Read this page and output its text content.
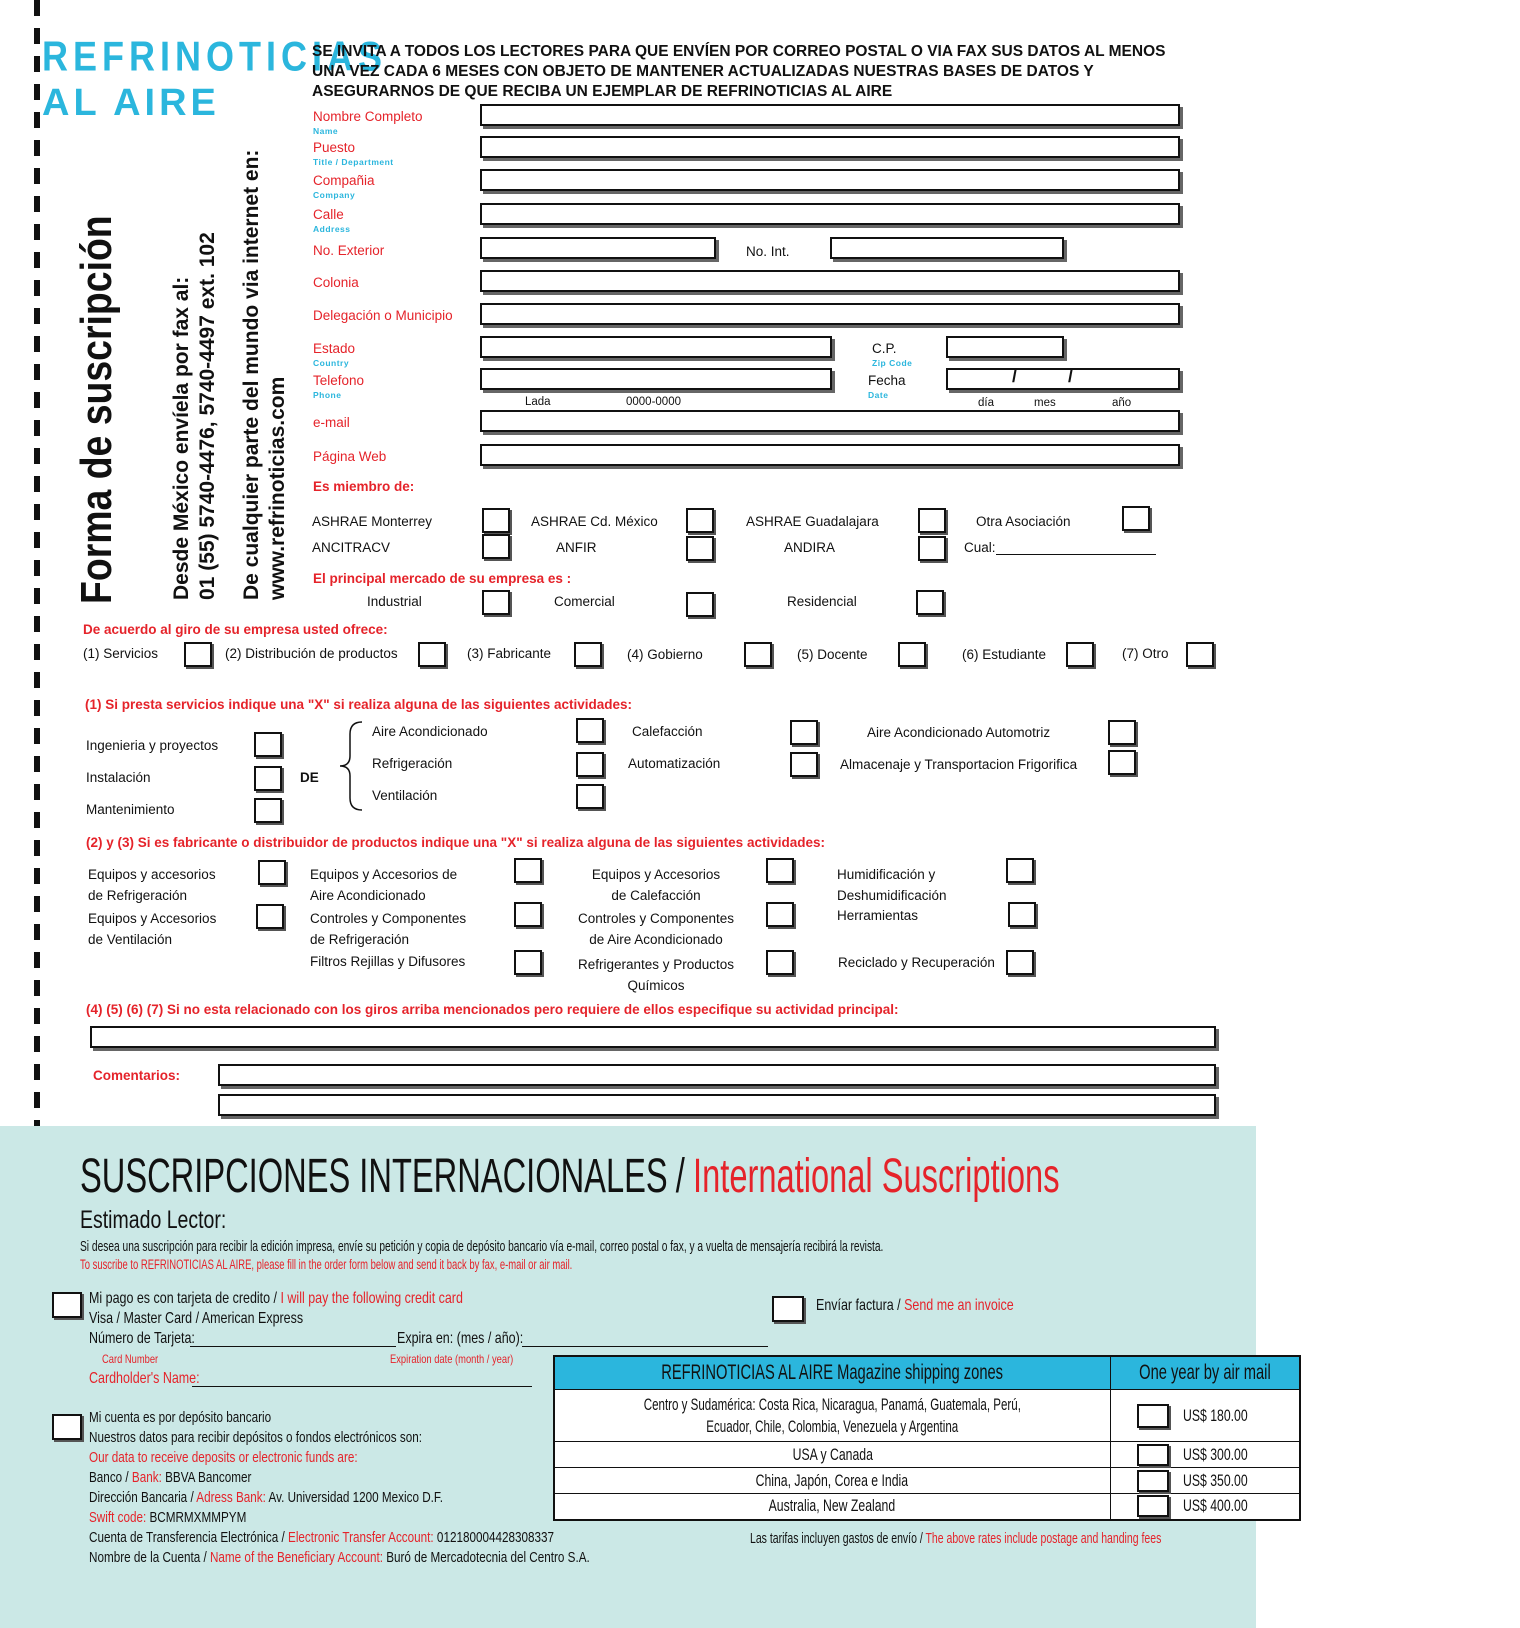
REFRINOTICIAS
AL AIRE
SE INVITA A TODOS LOS LECTORES PARA QUE ENVÍEN POR CORREO POSTAL O VIA FAX SUS DATOS AL MENOS UNA VEZ CADA 6 MESES CON OBJETO DE MANTENER ACTUALIZADAS NUESTRAS BASES DE DATOS Y ASEGURARNOS DE QUE RECIBA UN EJEMPLAR DE REFRINOTICIAS AL AIRE
Forma de suscripción Desde México envíela por fax al: 01 (55) 5740-4476, 5740-4497 ext. 102 De cualquier parte del mundo via internet en: www.refrinoticias.com
Nombre Completo
Name
Puesto
Title / Department
Compañia
Company
Calle
Address
No. Exterior	No. Int.
Colonia
Delegación o Municipio
Estado
Country
C.P.
Zip Code
Telefono
Phone
Lada	0000-0000
Fecha
Date
/	/
día	mes	año
e-mail
Página Web
Es miembro de:
ASHRAE Monterrey	ASHRAE Cd. México	ASHRAE Guadalajara	Otra Asociación
ANCITRACV	ANFIR	ANDIRA	Cual:
El principal mercado de su empresa es :
Industrial	Comercial	Residencial
De acuerdo al giro de su empresa usted ofrece:
(1) Servicios	(2) Distribución de productos	(3) Fabricante	(4) Gobierno	(5) Docente	(6) Estudiante	(7) Otro
(1) Si presta servicios indique una "X" si realiza alguna de las siguientes actividades:
Ingenieria y proyectos
Instalación
Mantenimiento
DE
Aire Acondicionado
Refrigeración
Ventilación
Calefacción
Automatización
Aire Acondicionado Automotriz
Almacenaje y Transportacion Frigorifica
(2) y (3) Si es fabricante o distribuidor de productos indique una "X" si realiza alguna de las siguientes actividades:
Equipos y accesorios
de Refrigeración
Equipos y Accesorios
de Ventilación
Equipos y Accesorios de
Aire Acondicionado
Controles y Componentes
de Refrigeración
Filtros Rejillas y Difusores
Equipos y Accesorios
de Calefacción
Controles y Componentes
de Aire Acondicionado
Refrigerantes y Productos
Químicos
Humidificación y
Deshumidificación
Herramientas
Reciclado y Recuperación
(4) (5) (6) (7) Si no esta relacionado con los giros arriba mencionados pero requiere de ellos especifique su actividad principal:
Comentarios:
SUSCRIPCIONES INTERNACIONALES / International Suscriptions
Estimado Lector:
Si desea una suscripción para recibir la edición impresa, envíe su petición y copia de depósito bancario vía e-mail, correo postal o fax, y a vuelta de mensajería recibirá la revista.
To suscribe to REFRINOTICIAS AL AIRE, please fill in the order form below and send it back by fax, e-mail or air mail.
Mi pago es con tarjeta de credito / I will pay the following credit card
Visa / Master Card / American Express
Número de Tarjeta:	Expira en: (mes / año):
Card Number	Expiration date (month / year)
Cardholder's Name:
Envíar factura / Send me an invoice
Mi cuenta es por depósito bancario
Nuestros datos para recibir depósitos o fondos electrónicos son:
Our data to receive deposits or electronic funds are:
Banco / Bank: BBVA Bancomer
Dirección Bancaria / Adress Bank: Av. Universidad 1200 Mexico D.F.
Swift code: BCMRMXMMPYM
Cuenta de Transferencia Electrónica / Electronic Transfer Account: 012180004428308337
Nombre de la Cuenta / Name of the Beneficiary Account: Buró de Mercadotecnia del Centro S.A.
REFRINOTICIAS AL AIRE Magazine shipping zones	One year by air mail
Centro y Sudamérica: Costa Rica, Nicaragua, Panamá, Guatemala, Perú,
Ecuador, Chile, Colombia, Venezuela y Argentina	US$ 180.00
USA y Canada	US$ 300.00
China, Japón, Corea e India	US$ 350.00
Australia, New Zealand	US$ 400.00
Las tarifas incluyen gastos de envío / The above rates include postage and handing fees
